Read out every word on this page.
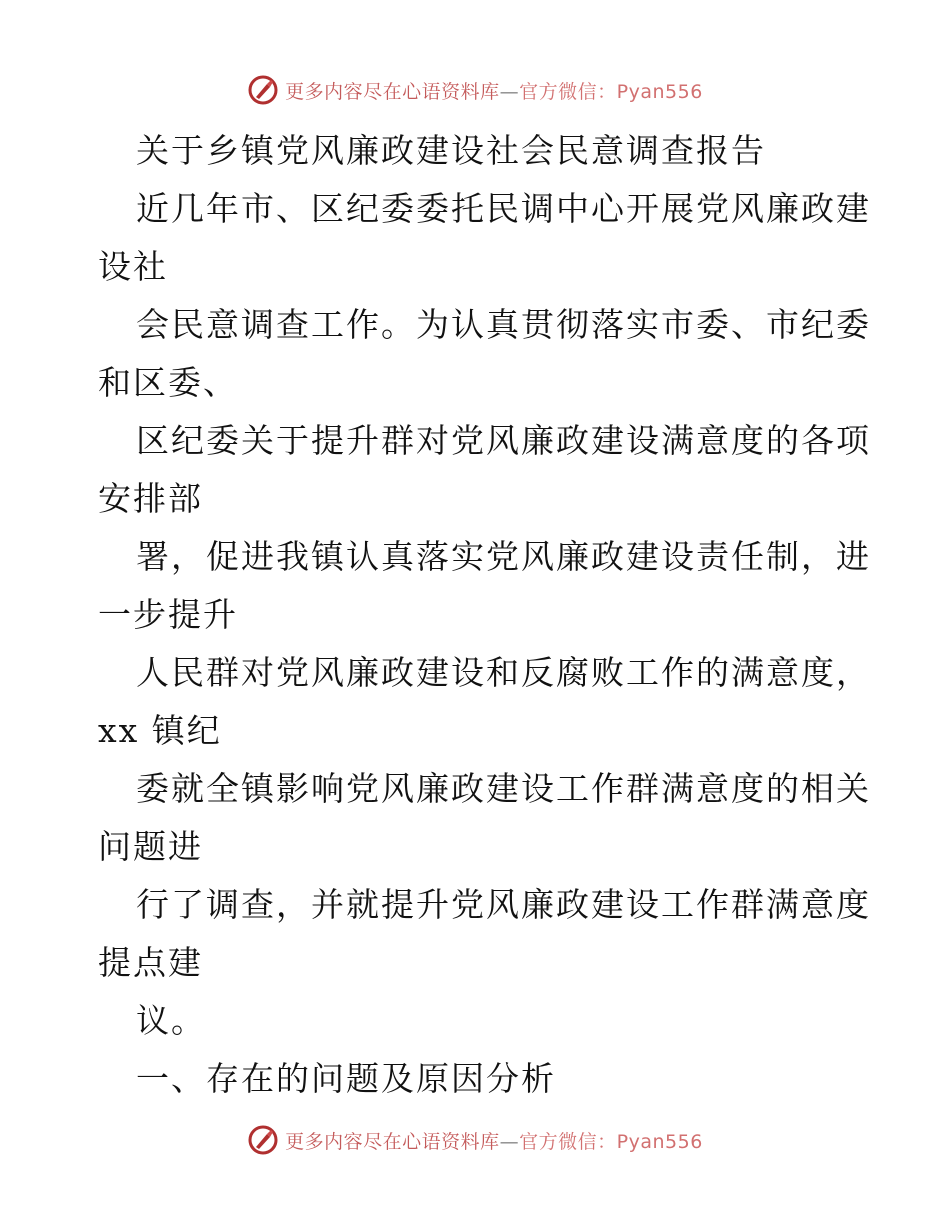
更多内容尽在心语资料库—官方微信：Pyan556
关于乡镇党风廉政建设社会民意调查报告
近几年市、区纪委委托民调中心开展党风廉政建
设社
会民意调查工作。为认真贯彻落实市委、市纪委
和区委、
区纪委关于提升群对党风廉政建设满意度的各项
安排部
署，促进我镇认真落实党风廉政建设责任制，进
一步提升
人民群对党风廉政建设和反腐败工作的满意度，
xx 镇纪
委就全镇影响党风廉政建设工作群满意度的相关
问题进
行了调查，并就提升党风廉政建设工作群满意度
提点建
议。
一、存在的问题及原因分析
更多内容尽在心语资料库—官方微信：Pyan556
